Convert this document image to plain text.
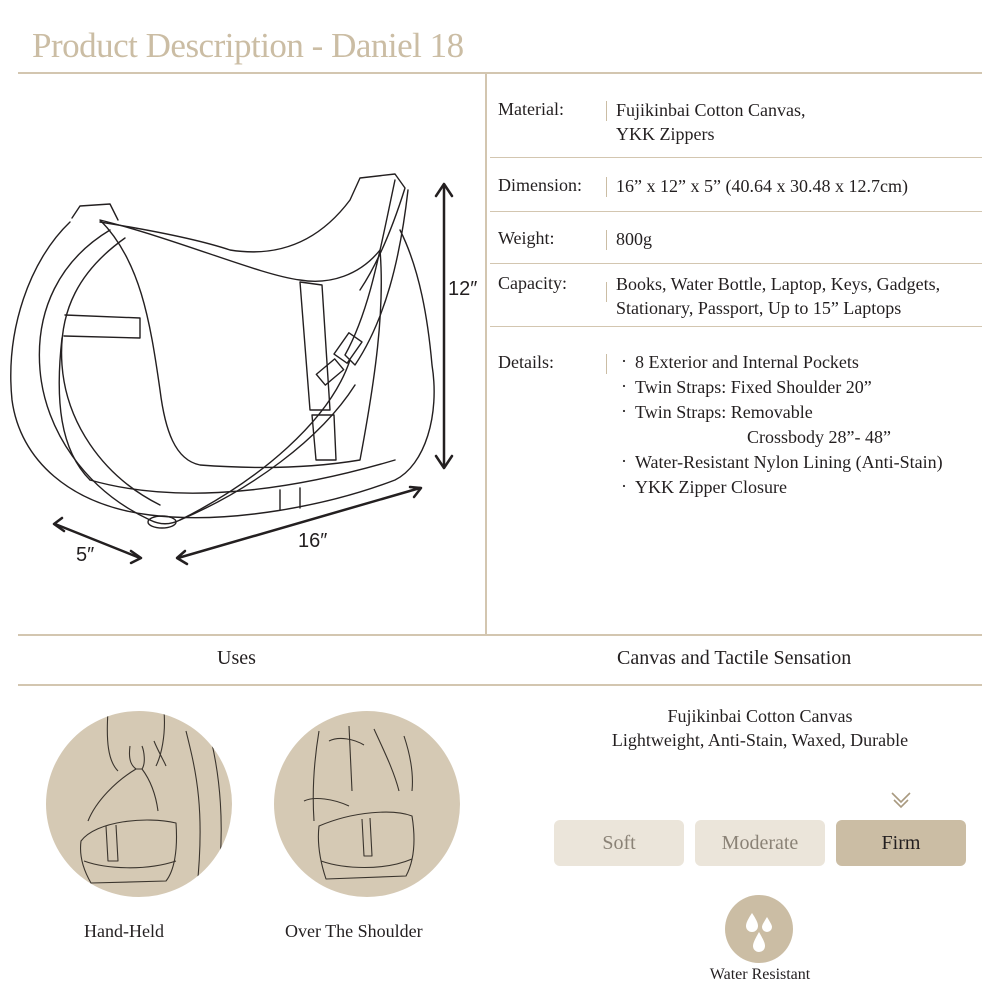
Product Description - Daniel 18
12″
5″
16″
Material:	Fujikinbai Cotton Canvas,
YKK Zippers
Dimension: 16” x 12” x 5” (40.64 x 30.48 x 12.7cm)
Weight:	800g
Capacity:	Books, Water Bottle, Laptop, Keys, Gadgets,
Stationary, Passport, Up to 15” Laptops
Details:	· 8 Exterior and Internal Pockets
· Twin Straps: Fixed Shoulder 20”
· Twin Straps: Removable
Crossbody 28”- 48”
· Water-Resistant Nylon Lining (Anti-Stain)
· YKK Zipper Closure
Uses	Canvas and Tactile Sensation
Hand-Held	Over The Shoulder
Fujikinbai Cotton Canvas
Lightweight, Anti-Stain, Waxed, Durable
Soft	Moderate	Firm
Water Resistant
